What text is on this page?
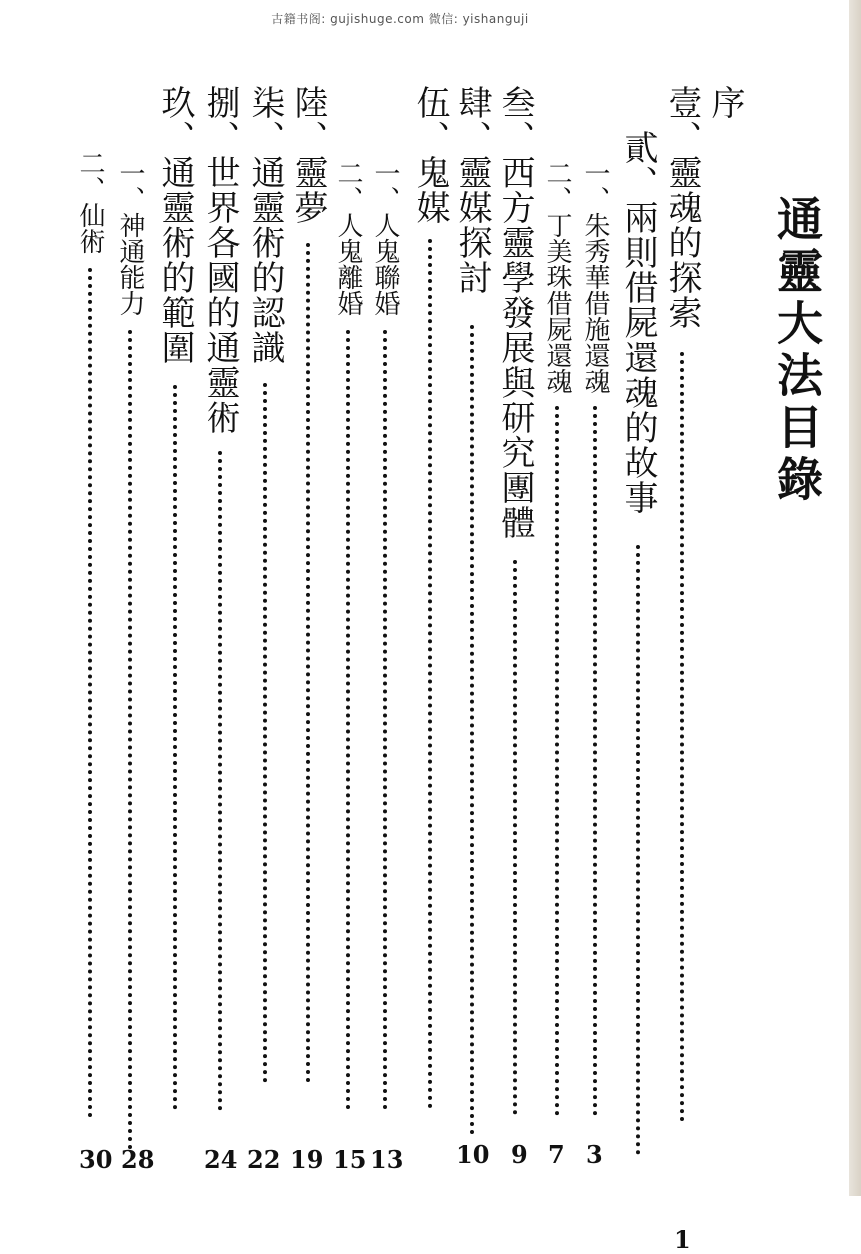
古籍书阁: gujishuge.com 微信: yishanguji
通靈大法目錄
序
壹、靈魂的探索
1
貳、兩則借屍還魂的故事
一、朱秀華借施還魂
3
二、丁美珠借屍還魂
7
叁、西方靈學發展與研究團體
9
肆、靈媒探討
10
伍、鬼媒
一、人鬼聯婚
13
二、人鬼離婚
15
陸、靈夢
19
柒、通靈術的認識
22
捌、世界各國的通靈術
24
玖、通靈術的範圍
一、神通能力
28
二、仙術
30
